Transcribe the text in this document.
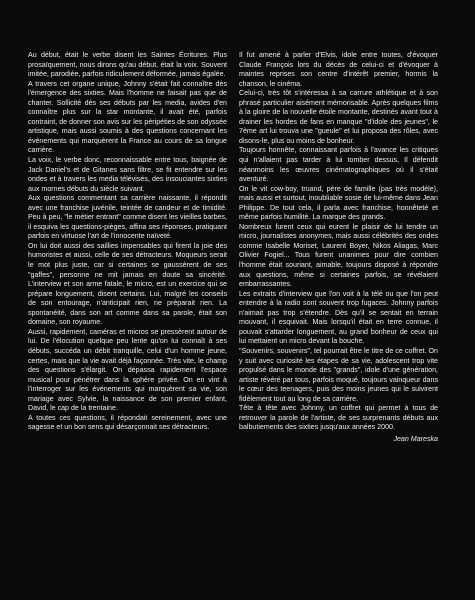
Au début, était le verbe disent les Saintes Écritures. Plus prosaïquement, nous dirons qu'au début, était la voix. Souvent imitée, parodiée, parfois ridiculement déformée, jamais égalée.

A travers cet organe unique, Johnny s'était fait connaître dès l'émergence des sixties. Mais l'homme ne faisait pas que de chanter. Sollicité dès ses débuts par les media, avides d'en connaître plus sur la star montante, il avait été, parfois contraint, de donner son avis sur les péripéties de son odyssée artistique, mais aussi soumis à des questions concernant les événements qui marquèrent la France au cours de sa longue carrière.

La voix, le verbe donc, reconnaissable entre tous, baignée de Jack Daniel's et de Gitanes sans filtre, se fit entendre sur les ondes et à travers les media télévisés, des insouciantes sixties aux mornes débuts du siècle suivant.

Aux questions commentant sa carrière naissante, il répondit avec une franchise juvénile, teintée de candeur et de timidité. Peu à peu, "le métier entrant" comme disent les vieilles barbes, il esquiva les questions-pièges, affina ses réponses, pratiquant parfois en virtuose l'art de l'innocente naïveté.

On lui doit aussi des saillies impensables qui firent la joie des humoristes et aussi, celle de ses détracteurs. Moqueurs serait le mot plus juste, car si certaines se gaussèrent de ses "gaffes", personne ne mit jamais en doute sa sincérité. L'interview et son arme fatale, le micro, est un exercice qui se prépare longuement, disent certains. Lui, malgré les conseils de son entourage, n'anticipait rien, ne préparait rien. La spontanéité, dans son art comme dans sa parole, était son domaine, son royaume.

Aussi, rapidement, caméras et micros se pressèrent autour de lui. De l'élocution quelque peu lente qu'on lui connaît à ses débuts, succéda un débit tranquille, celui d'un homme jeune, certes, mais que la vie avait déjà façonnée. Très vite, le champ des questions s'élargit. On dépassa rapidement l'espace musical pour pénétrer dans la sphère privée. On en vint à l'interroger sur les événements qui marquèrent sa vie, son mariage avec Sylvie, la naissance de son premier enfant, David, le cap de la trentaine.

A toutes ces questions, il répondait sereinement, avec une sagesse et un bon sens qui désarçonnait ses détracteurs.

Il fut amené à parler d'Elvis, idole entre toutes, d'évoquer Claude François lors du décès de celui-ci et d'évoquer à maintes reprises son centre d'intérêt premier, hormis la chanson, le cinéma.

Celui-ci, très tôt s'intéressa à sa carrure athlétique et à son phrasé particulier aisément mémorisable. Après quelques films à la gloire de la nouvelle étoile montante, destinés avant tout à drainer les hordes de fans en manque "d'idole des jeunes", le 7ème art lui trouva une "gueule" et lui proposa des rôles, avec disons-le, plus ou moins de bonheur.

Toujours honnête, connaissant parfois à l'avance les critiques qui n'allaient pas tarder à lui tomber dessus, Il défendit néanmoins les œuvres cinématographiques où il s'était aventuré.

On le vit cow-boy, truand, père de famille (pas très modèle), mais aussi et surtout, inoubliable sosie de lui-même dans Jean Philippe. De tout cela, il parla avec franchise, honnêteté et même parfois humilité. La marque des grands.

Nombreux furent ceux qui eurent le plaisir de lui tendre un micro, journalistes anonymes, mais aussi célébrités des ondes comme Isabelle Moriset, Laurent Boyer, Nikos Aliagas, Marc Olivier Fogiel... Tous furent unanimes pour dire combien l'homme était souriant, aimable, toujours disposé à répondre aux questions, même si certaines parfois, se révélaient embarrassantes.

Les extraits d'interview que l'on voit à la télé ou que l'on peut entendre à la radio sont souvent trop fugaces. Johnny parfois n'aimait pas trop s'étendre. Dès qu'il se sentait en terrain mouvant, il esquivait. Mais lorsqu'il était en terre connue, il pouvait s'attarder longuement, au grand bonheur de ceux qui lui mettaient un micro devant la bouche.

"Souvenirs, souvenirs", tel pourrait être le titre de ce coffret. On y suit avec curiosité les étapes de sa vie, adolescent trop vite propulsé dans le monde des "grands", idole d'une génération, artiste révéré par tous, parfois moqué, toujours vainqueur dans le cœur des teenagers, puis des moins jeunes qui le suivirent fidèlement tout au long de sa carrière.

Tête à tête avec Johnny, un coffret qui permet à tous de retrouver la parole de l'artiste, de ses surprenants débuts aux balbutiements des sixties jusqu'aux années 2000.

Jean Mareska
